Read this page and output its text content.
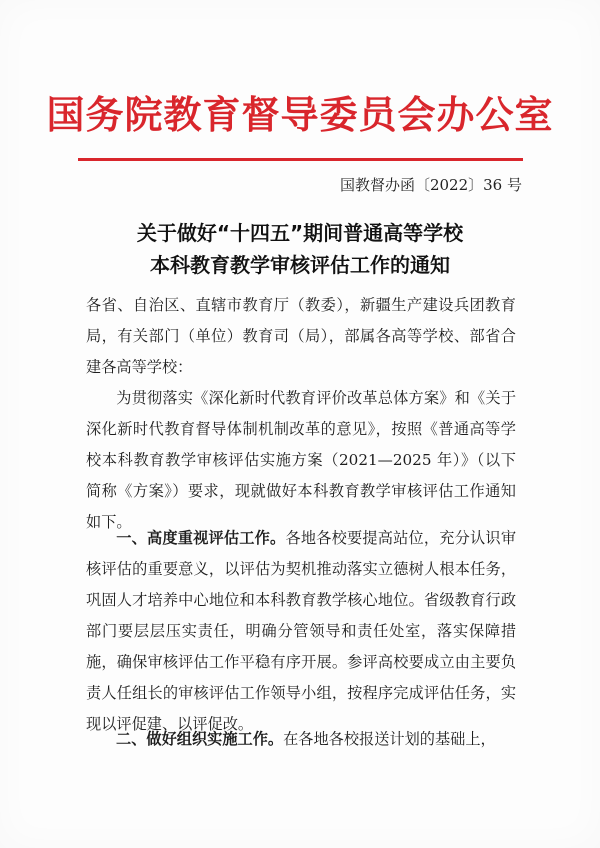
国务院教育督导委员会办公室
国教督办函〔2022〕36 号
关于做好“十四五”期间普通高等学校
本科教育教学审核评估工作的通知
各省、自治区、直辖市教育厅（教委），新疆生产建设兵团教育局，有关部门（单位）教育司（局），部属各高等学校、部省合建各高等学校：
为贯彻落实《深化新时代教育评价改革总体方案》和《关于深化新时代教育督导体制机制改革的意见》，按照《普通高等学校本科教育教学审核评估实施方案（2021—2025 年）》（以下简称《方案》）要求，现就做好本科教育教学审核评估工作通知如下。
一、高度重视评估工作。各地各校要提高站位，充分认识审核评估的重要意义，以评估为契机推动落实立德树人根本任务，巩固人才培养中心地位和本科教育教学核心地位。省级教育行政部门要层层压实责任，明确分管领导和责任处室，落实保障措施，确保审核评估工作平稳有序开展。参评高校要成立由主要负责人任组长的审核评估工作领导小组，按程序完成评估任务，实现以评促建、以评促改。
二、做好组织实施工作。在各地各校报送计划的基础上，
